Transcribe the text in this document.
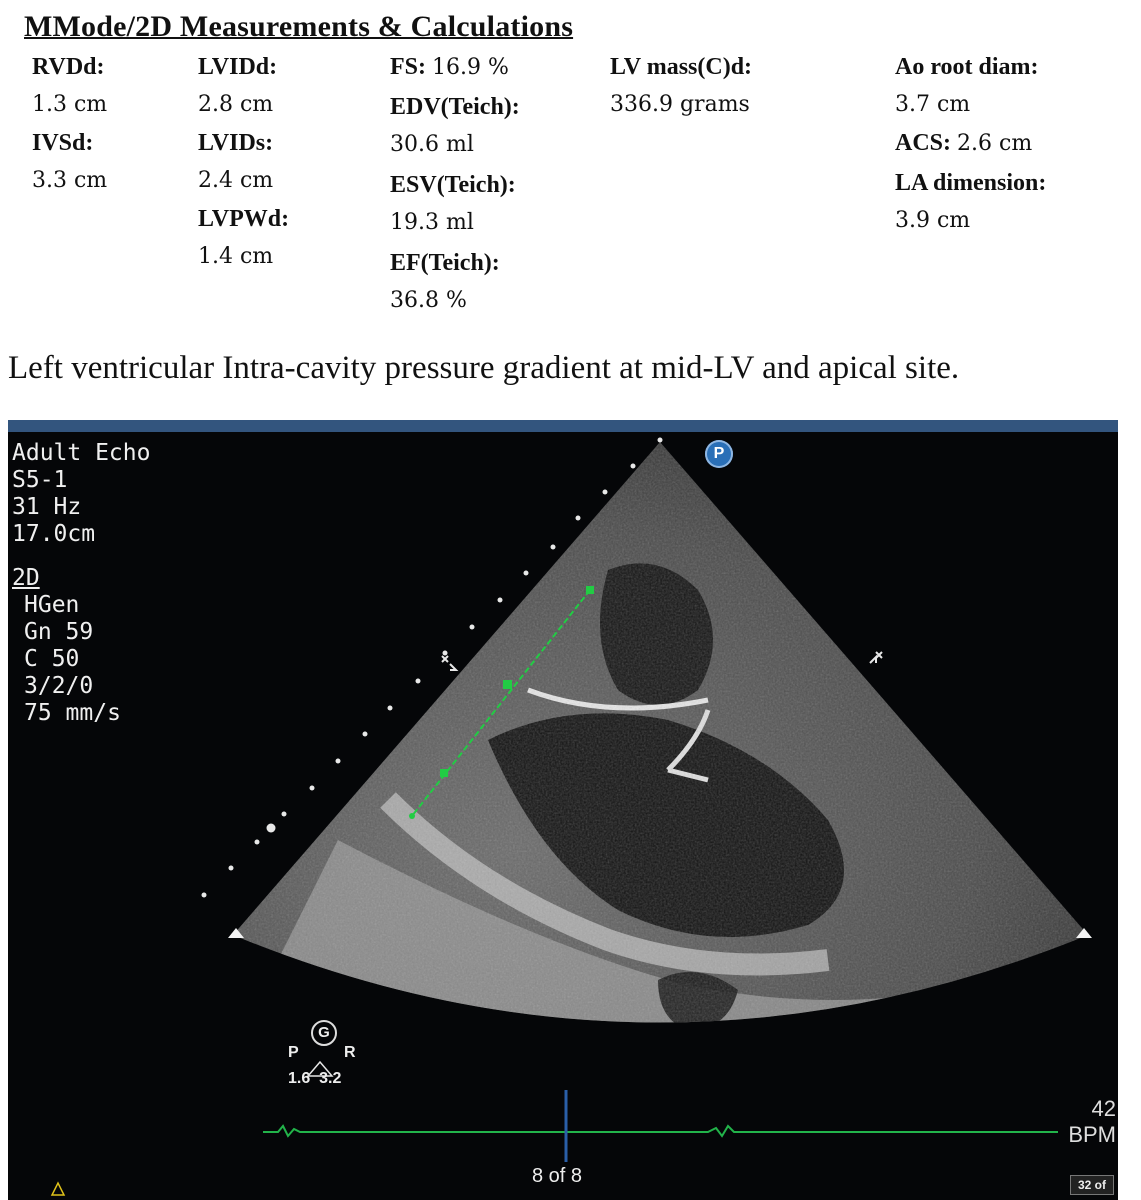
MMode/2D Measurements & Calculations
RVDd:
1.3 cm
IVSd:
3.3 cm
LVIDd:
2.8 cm
LVIDs:
2.4 cm
LVPWd:
1.4 cm
FS: 16.9 %
EDV(Teich):
30.6 ml
ESV(Teich):
19.3 ml
EF(Teich):
36.8 %
LV mass(C)d:
336.9 grams
Ao root diam:
3.7 cm
ACS: 2.6 cm
LA dimension:
3.9 cm
Left ventricular Intra-cavity pressure gradient at mid-LV and apical site.
Adult Echo
S5-1
31 Hz
17.0cm
2D
HGen
Gn 59
C 50
3/2/0
75 mm/s
P
G
P	R
1.6  3.2
42
BPM
8 of 8	32 of
